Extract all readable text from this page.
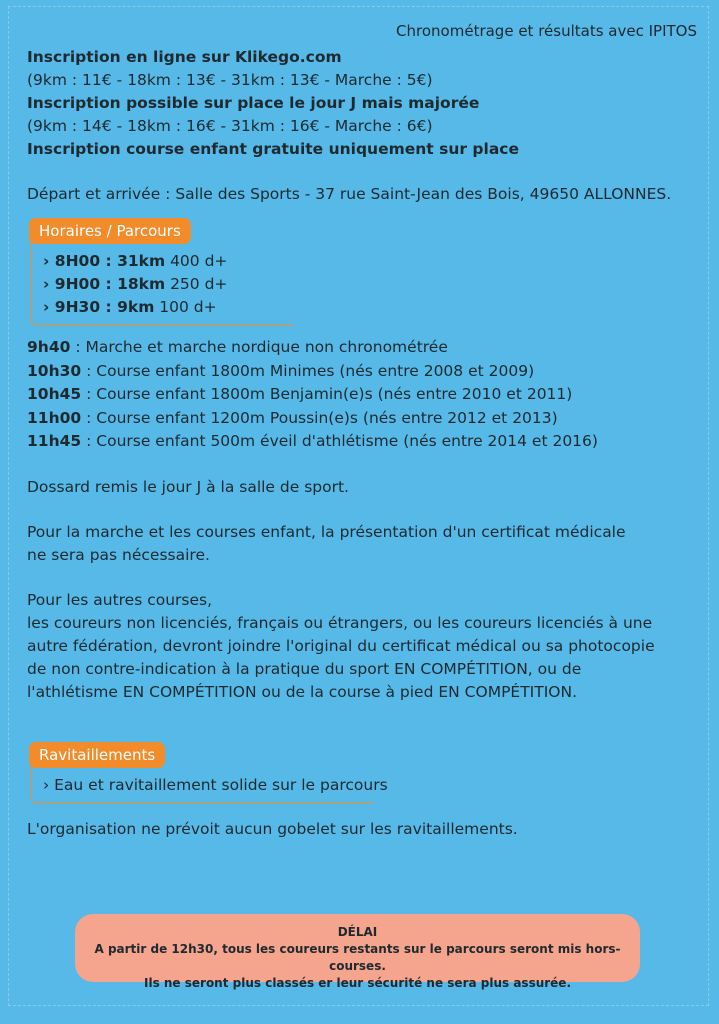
Chronométrage et résultats avec IPITOS
Inscription en ligne sur Klikego.com
(9km : 11€ - 18km : 13€ - 31km : 13€ - Marche : 5€)
Inscription possible sur place le jour J mais majorée
(9km : 14€ - 18km : 16€ - 31km : 16€ - Marche : 6€)
Inscription course enfant gratuite uniquement sur place
Départ et arrivée : Salle des Sports - 37 rue Saint-Jean des Bois, 49650 ALLONNES.
Horaires / Parcours
› 8H00 : 31km 400 d+
› 9H00 : 18km 250 d+
› 9H30 : 9km 100 d+
9h40 : Marche et marche nordique non chronométrée
10h30 : Course enfant 1800m Minimes (nés entre 2008 et 2009)
10h45 : Course enfant 1800m Benjamin(e)s (nés entre 2010 et 2011)
11h00 : Course enfant 1200m Poussin(e)s (nés entre 2012 et 2013)
11h45 : Course enfant 500m éveil d'athlétisme (nés entre 2014 et 2016)
Dossard remis le jour J à la salle de sport.
Pour la marche et les courses enfant, la présentation d'un certificat médicale
ne sera pas nécessaire.
Pour les autres courses,
les coureurs non licenciés, français ou étrangers, ou les coureurs licenciés à une
autre fédération, devront joindre l'original du certificat médical ou sa photocopie
de non contre-indication à la pratique du sport EN COMPÉTITION, ou de
l'athlétisme EN COMPÉTITION ou de la course à pied EN COMPÉTITION.
Ravitaillements
› Eau et ravitaillement solide sur le parcours
L'organisation ne prévoit aucun gobelet sur les ravitaillements.
DÉLAI
A partir de 12h30, tous les coureurs restants sur le parcours seront mis hors-courses.
Ils ne seront plus classés er leur sécurité ne sera plus assurée.
